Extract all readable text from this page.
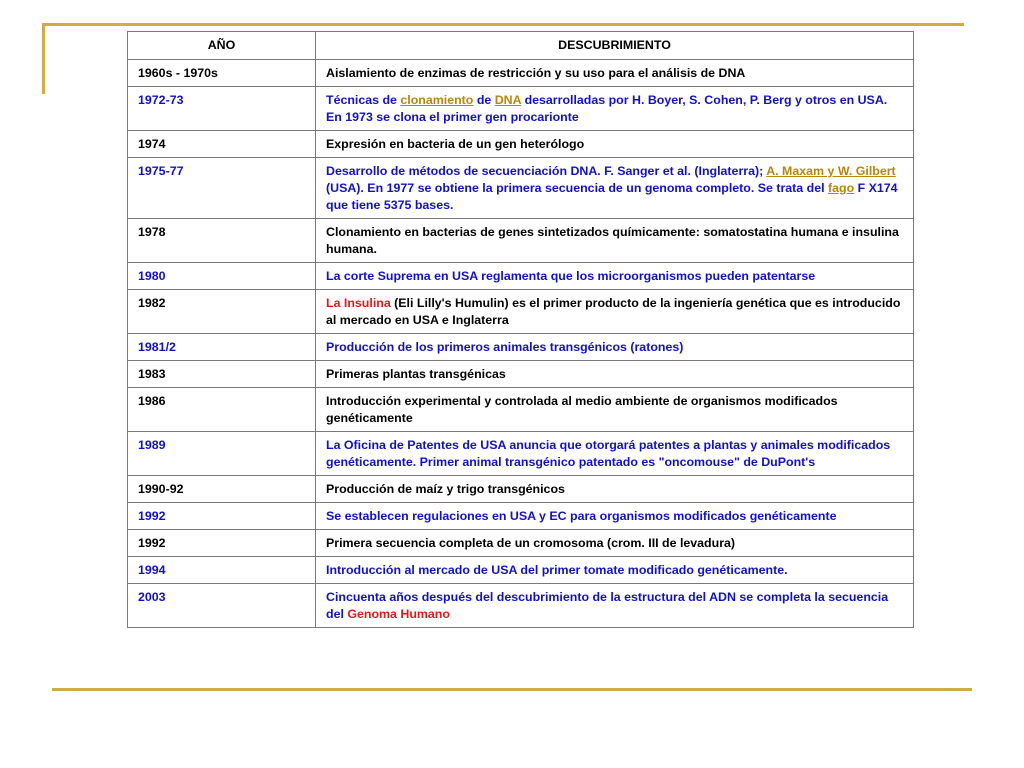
AÑO	DESCUBRIMIENTO
1960s - 1970s	Aislamiento de enzimas de restricción y su uso para el análisis de DNA
1972-73	Técnicas de clonamiento de DNA desarrolladas por H. Boyer, S. Cohen, P. Berg y otros en USA. En 1973 se clona el primer gen procarionte
1974	Expresión en bacteria de un gen heterólogo
1975-77	Desarrollo de métodos de secuenciación DNA. F. Sanger et al. (Inglaterra); A. Maxam y W. Gilbert (USA). En 1977 se obtiene la primera secuencia de un genoma completo. Se trata del fago F X174 que tiene 5375 bases.
1978	Clonamiento en bacterias de genes sintetizados químicamente: somatostatina humana e insulina humana.
1980	La corte Suprema en USA reglamenta que los microorganismos pueden patentarse
1982	La Insulina (Eli Lilly's Humulin) es el primer producto de la ingeniería genética que es introducido al mercado en USA e Inglaterra
1981/2	Producción de los primeros animales transgénicos (ratones)
1983	Primeras plantas transgénicas
1986	Introducción experimental y controlada al medio ambiente de organismos modificados genéticamente
1989	La Oficina de Patentes de USA anuncia que otorgará patentes a plantas y animales modificados genéticamente. Primer animal transgénico patentado es "oncomouse" de DuPont's
1990-92	Producción de maíz y trigo transgénicos
1992	Se establecen regulaciones en USA y EC para organismos modificados genéticamente
1992	Primera secuencia completa de un cromosoma (crom. III de levadura)
1994	Introducción al mercado de USA del primer tomate modificado genéticamente.
2003	Cincuenta años después del descubrimiento de la estructura del ADN se completa la secuencia del Genoma Humano
